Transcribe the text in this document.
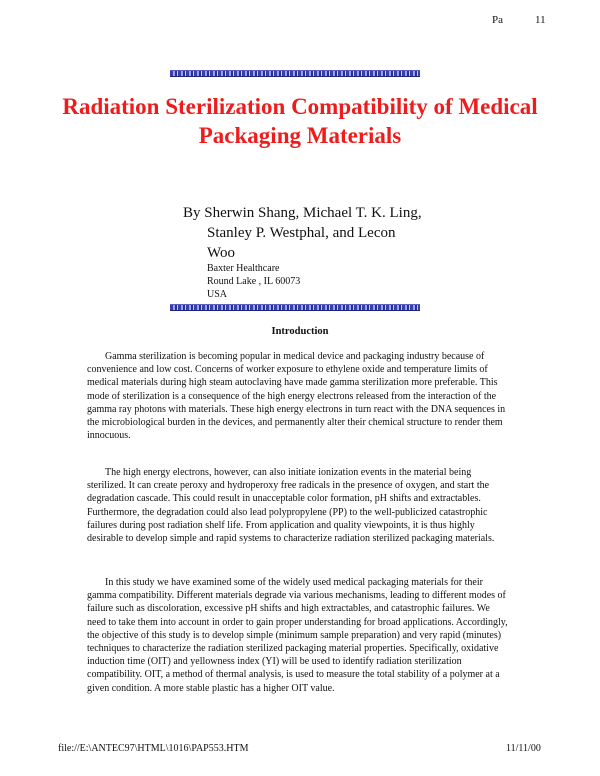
Pa	11
Radiation Sterilization Compatibility of Medical Packaging Materials

By Sherwin Shang, Michael T. K. Ling,
Stanley P. Westphal, and Lecon
Woo

Baxter Healthcare
Round Lake , IL 60073
USA
Introduction

Gamma sterilization is becoming popular in medical device and packaging industry because of convenience and low cost. Concerns of worker exposure to ethylene oxide and temperature limits of medical materials during high steam autoclaving have made gamma sterilization more preferable. This mode of sterilization is a consequence of the high energy electrons released from the interaction of the gamma ray photons with materials. These high energy electrons in turn react with the DNA sequences in the microbiological burden in the devices, and permanently alter their chemical structure to render them innocuous.

The high energy electrons, however, can also initiate ionization events in the material being sterilized. It can create peroxy and hydroperoxy free radicals in the presence of oxygen, and start the degradation cascade. This could result in unacceptable color formation, pH shifts and extractables. Furthermore, the degradation could also lead polypropylene (PP) to the well-publicized catastrophic failures during post radiation shelf life. From application and quality viewpoints, it is thus highly desirable to develop simple and rapid systems to characterize radiation sterilized packaging materials.

In this study we have examined some of the widely used medical packaging materials for their gamma compatibility. Different materials degrade via various mechanisms, leading to different modes of failure such as discoloration, excessive pH shifts and high extractables, and catastrophic failures. We need to take them into account in order to gain proper understanding for broad applications. Accordingly, the objective of this study is to develop simple (minimum sample preparation) and very rapid (minutes) techniques to characterize the radiation sterilized packaging material properties. Specifically, oxidative induction time (OIT) and yellowness index (YI) will be used to identify radiation sterilization compatibility. OIT, a method of thermal analysis, is used to measure the total stability of a polymer at a given condition. A more stable plastic has a higher OIT value.

file://E:\ANTEC97\HTML\1016\PAP553.HTM	11/11/00
